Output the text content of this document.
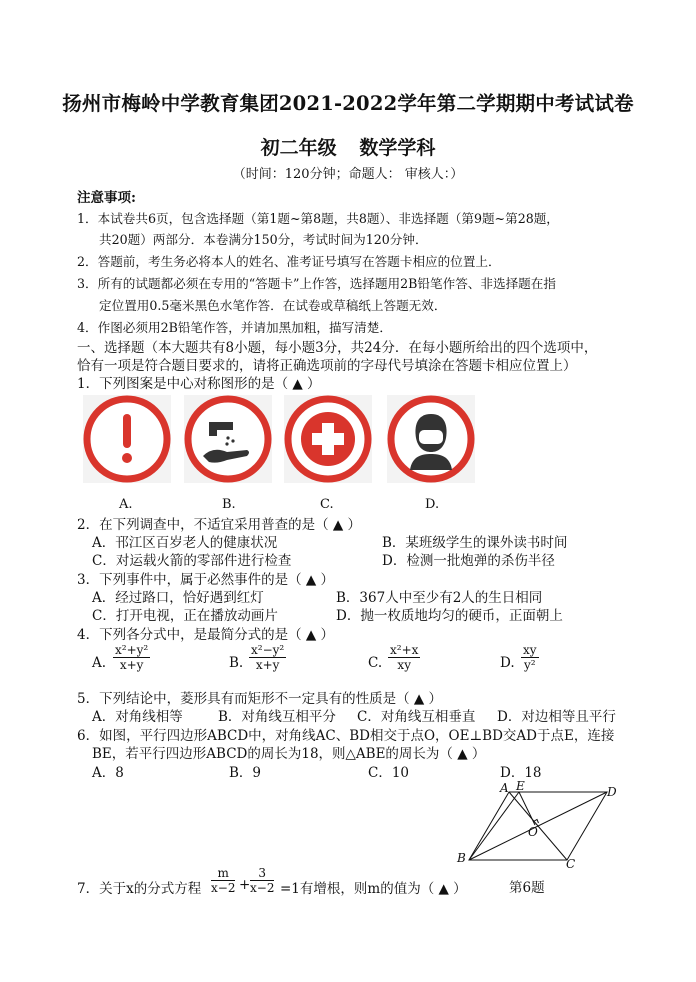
扬州市梅岭中学教育集团2021-2022学年第二学期期中考试试卷
初二年级 数学学科
（时间：120分钟；命题人： 审核人：）
注意事项:
1．本试卷共6页，包含选择题（第1题~第8题，共8题）、非选择题（第9题~第28题，
共20题）两部分．本卷满分150分，考试时间为120分钟．
2．答题前，考生务必将本人的姓名、准考证号填写在答题卡相应的位置上．
3．所有的试题都必须在专用的“答题卡”上作答，选择题用2B铅笔作答、非选择题在指
定位置用0.5毫米黑色水笔作答．在试卷或草稿纸上答题无效．
4．作图必须用2B铅笔作答，并请加黑加粗，描写清楚．
一、选择题（本大题共有8小题，每小题3分，共24分．在每小题所给出的四个选项中，
恰有一项是符合题目要求的，请将正确选项前的字母代号填涂在答题卡相应位置上）
1．下列图案是中心对称图形的是（ ▲ ）
A.	B.	C.	D.
2．在下列调查中，不适宜采用普查的是（ ▲ ）
A．邗江区百岁老人的健康状况	B．某班级学生的课外读书时间
C．对运载火箭的零部件进行检查	D．检测一批炮弹的杀伤半径
3．下列事件中，属于必然事件的是（ ▲ ）
A．经过路口，恰好遇到红灯	B．367人中至少有2人的生日相同
C．打开电视，正在播放动画片	D．抛一枚质地均匀的硬币，正面朝上
4．下列各分式中，是最简分式的是（ ▲ ）
A. $\frac{\text{x²+y²}}{x+y}$	B. $\frac{\text{x²−y²}}{x+y}$	C. $\frac{\text{x²+x}}{xy}$	D. $\frac{xy}{\text{y²}}$
5．下列结论中，菱形具有而矩形不一定具有的性质是（ ▲ ）
A．对角线相等	B．对角线互相平分 C．对角线互相垂直 D．对边相等且平行
6．如图，平行四边形ABCD中，对角线AC、BD相交于点O，OE⊥BD交AD于点E，连接
BE，若平行四边形ABCD的周长为18，则△ABE的周长为（ ▲ ）
A．8	B．9	C．10	D．18
A E	D
O
B	C
7．关于x的分式方程 $\frac{m}{x-2} + \frac{3}{x-2} =1$有增根，则m的值为（ ▲ ）	第6题
